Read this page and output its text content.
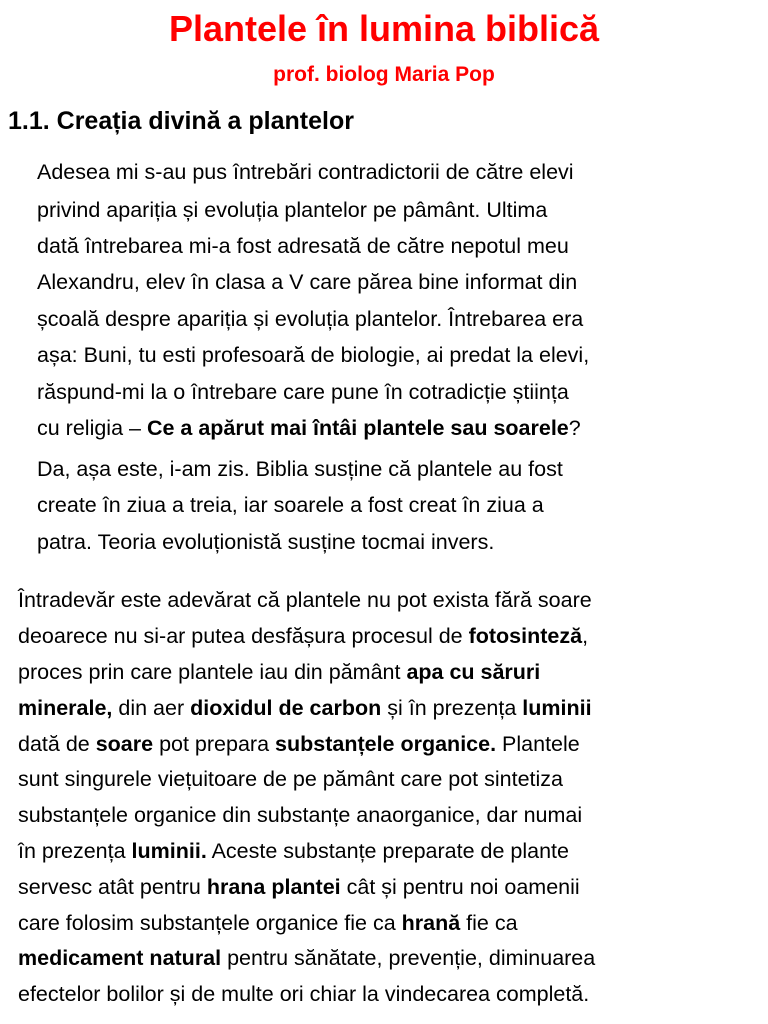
Plantele în lumina biblică
prof. biolog Maria Pop
1.1. Creația divină a plantelor
Adesea mi s-au pus întrebări contradictorii de către elevi
privind apariția și evoluția plantelor pe pâmânt. Ultima
dată întrebarea mi-a fost adresată de către nepotul meu
Alexandru, elev în clasa a V care părea bine informat din
școală despre apariția și evoluția plantelor. Întrebarea era
așa: Buni, tu esti profesoară de biologie, ai predat la elevi,
răspund-mi la o întrebare care pune în cotradicție știința
cu religia – Ce a apărut mai întâi plantele sau soarele?
Da, așa este, i-am zis. Biblia susține că plantele au fost
create în ziua a treia, iar soarele a fost creat în ziua a
patra. Teoria evoluționistă susține tocmai invers.
Întradevăr este adevărat că plantele nu pot exista fără soare
deoarece nu si-ar putea desfășura procesul de fotosinteză,
proces prin care plantele iau din pământ apa cu săruri
minerale, din aer dioxidul de carbon și în prezența luminii
dată de soare pot prepara substanțele organice. Plantele
sunt singurele viețuitoare de pe pământ care pot sintetiza
substanțele organice din substanțe anaorganice, dar numai
în prezența luminii. Aceste substanțe preparate de plante
servesc atât pentru hrana plantei cât și pentru noi oamenii
care folosim substanțele organice fie ca hrană fie ca
medicament natural pentru sănătate, prevenție, diminuarea
efectelor bolilor și de multe ori chiar la vindecarea completă.
